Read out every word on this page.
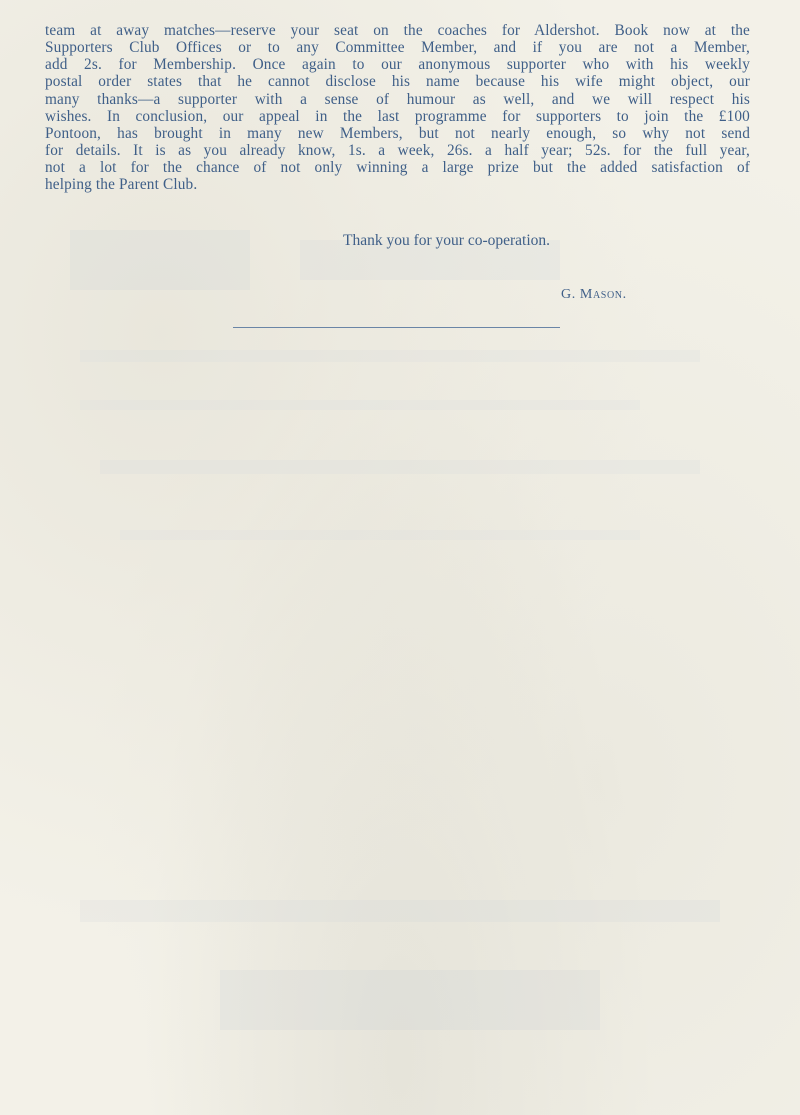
team at away matches—reserve your seat on the coaches for Aldershot. Book now at the
Supporters Club Offices or to any Committee Member, and if you are not a Member,
add 2s. for Membership. Once again to our anonymous supporter who with his weekly
postal order states that he cannot disclose his name because his wife might object, our
many thanks—a supporter with a sense of humour as well, and we will respect his
wishes. In conclusion, our appeal in the last programme for supporters to join the £100
Pontoon, has brought in many new Members, but not nearly enough, so why not send
for details. It is as you already know, 1s. a week, 26s. a half year; 52s. for the full year,
not a lot for the chance of not only winning a large prize but the added satisfaction of
helping the Parent Club.

Thank you for your co-operation.

G. Mason.
